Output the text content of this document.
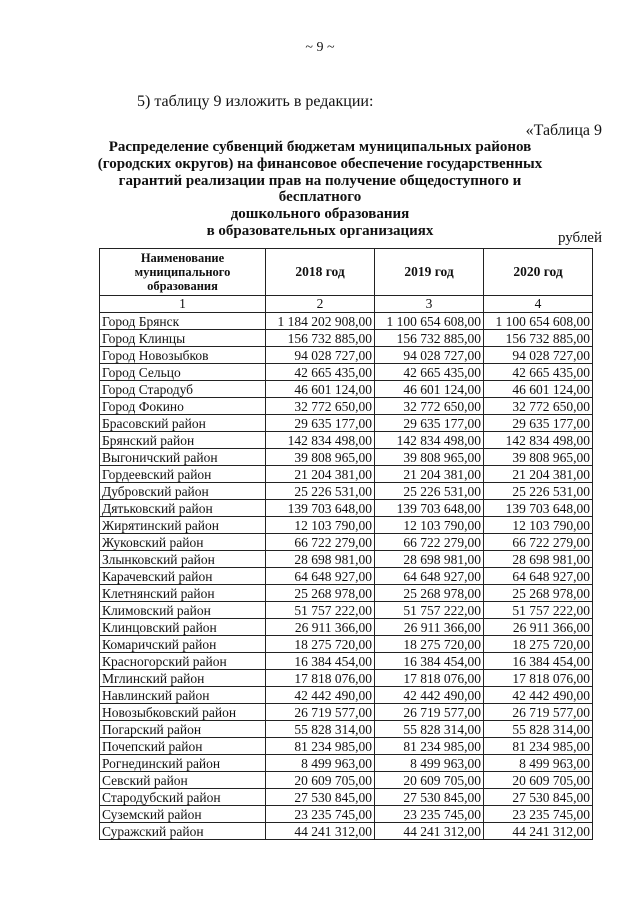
~ 9 ~
5) таблицу 9 изложить в редакции:
«Таблица 9
Распределение субвенций бюджетам муниципальных районов
(городских округов) на финансовое обеспечение государственных
гарантий реализации прав на получение общедоступного и бесплатного
дошкольного образования
в образовательных организациях	рублей
Наименование муниципального образования	2018 год	2019 год	2020 год
1	2	3	4
Город Брянск	1 184 202 908,00	1 100 654 608,00	1 100 654 608,00
Город Клинцы	156 732 885,00	156 732 885,00	156 732 885,00
Город Новозыбков	94 028 727,00	94 028 727,00	94 028 727,00
Город Сельцо	42 665 435,00	42 665 435,00	42 665 435,00
Город Стародуб	46 601 124,00	46 601 124,00	46 601 124,00
Город Фокино	32 772 650,00	32 772 650,00	32 772 650,00
Брасовский район	29 635 177,00	29 635 177,00	29 635 177,00
Брянский район	142 834 498,00	142 834 498,00	142 834 498,00
Выгоничский район	39 808 965,00	39 808 965,00	39 808 965,00
Гордеевский район	21 204 381,00	21 204 381,00	21 204 381,00
Дубровский район	25 226 531,00	25 226 531,00	25 226 531,00
Дятьковский район	139 703 648,00	139 703 648,00	139 703 648,00
Жирятинский район	12 103 790,00	12 103 790,00	12 103 790,00
Жуковский район	66 722 279,00	66 722 279,00	66 722 279,00
Злынковский район	28 698 981,00	28 698 981,00	28 698 981,00
Карачевский район	64 648 927,00	64 648 927,00	64 648 927,00
Клетнянский район	25 268 978,00	25 268 978,00	25 268 978,00
Климовский район	51 757 222,00	51 757 222,00	51 757 222,00
Клинцовский район	26 911 366,00	26 911 366,00	26 911 366,00
Комаричский район	18 275 720,00	18 275 720,00	18 275 720,00
Красногорский район	16 384 454,00	16 384 454,00	16 384 454,00
Мглинский район	17 818 076,00	17 818 076,00	17 818 076,00
Навлинский район	42 442 490,00	42 442 490,00	42 442 490,00
Новозыбковский район	26 719 577,00	26 719 577,00	26 719 577,00
Погарский район	55 828 314,00	55 828 314,00	55 828 314,00
Почепский район	81 234 985,00	81 234 985,00	81 234 985,00
Рогнединский район	8 499 963,00	8 499 963,00	8 499 963,00
Севский район	20 609 705,00	20 609 705,00	20 609 705,00
Стародубский район	27 530 845,00	27 530 845,00	27 530 845,00
Суземский район	23 235 745,00	23 235 745,00	23 235 745,00
Суражский район	44 241 312,00	44 241 312,00	44 241 312,00
